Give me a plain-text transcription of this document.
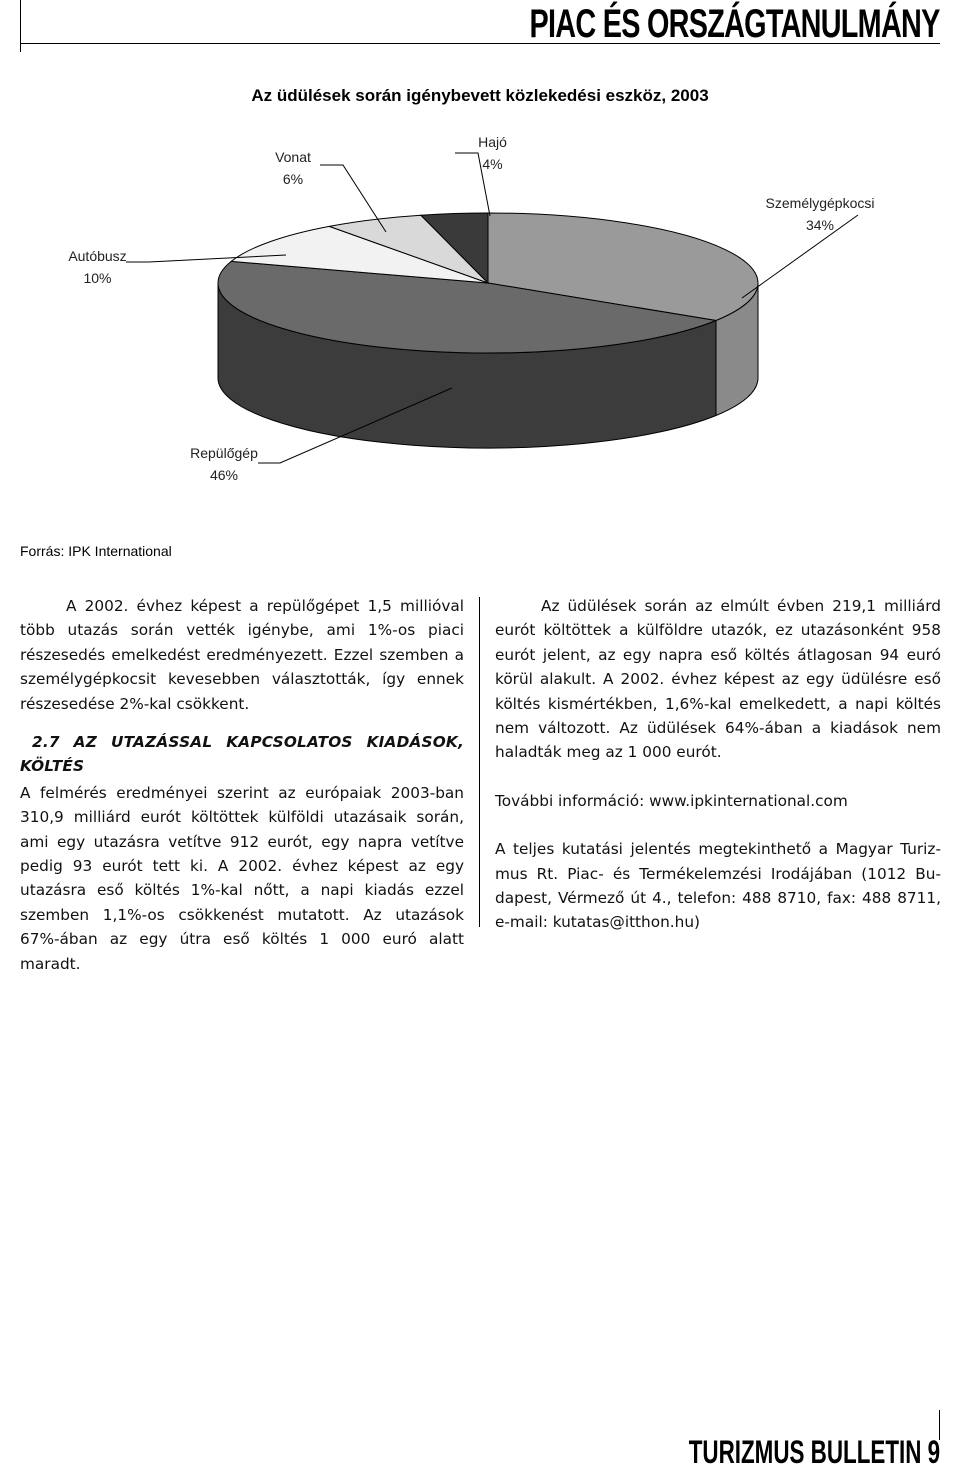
PIAC ÉS ORSZÁGTANULMÁNY
Az üdülések során igénybevett közlekedési eszköz, 2003
Hajó
4%
Vonat
6%
Autóbusz
10%
Személygépkocsi
34%
Repülőgép
46%
Forrás: IPK International

A 2002. évhez képest a repülőgépet 1,5 millióval több utazás során vették igénybe, ami 1%-os piaci részesedés emelkedést eredményezett. Ezzel szemben a személygépkocsit kevesebben választották, így ennek részesedése 2%-kal csökkent.

2.7 AZ UTAZÁSSAL KAPCSOLATOS KIADÁSOK, KÖLTÉS

A felmérés eredményei szerint az európaiak 2003-ban 310,9 milliárd eurót költöttek külföldi utazásaik során, ami egy utazásra vetítve 912 eurót, egy napra vetítve pedig 93 eurót tett ki. A 2002. évhez képest az egy utazásra eső költés 1%-kal nőtt, a napi kiadás ezzel szemben 1,1%-os csökkenést mutatott. Az utazások 67%-ában az egy útra eső költés 1 000 euró alatt maradt.

Az üdülések során az elmúlt évben 219,1 milliárd eurót költöttek a külföldre utazók, ez utazásonként 958 eurót jelent, az egy napra eső költés átlagosan 94 euró körül alakult. A 2002. évhez képest az egy üdülésre eső költés kismértékben, 1,6%-kal emelkedett, a napi költés nem változott. Az üdülések 64%-ában a kiadások nem haladták meg az 1 000 eurót.

További információ: www.ipkinternational.com

A teljes kutatási jelentés megtekinthető a Magyar Turizmus Rt. Piac- és Termékelemzési Irodájában (1012 Budapest, Vérmező út 4., telefon: 488 8710, fax: 488 8711, e-mail: kutatas@itthon.hu)

TURIZMUS BULLETIN 9
